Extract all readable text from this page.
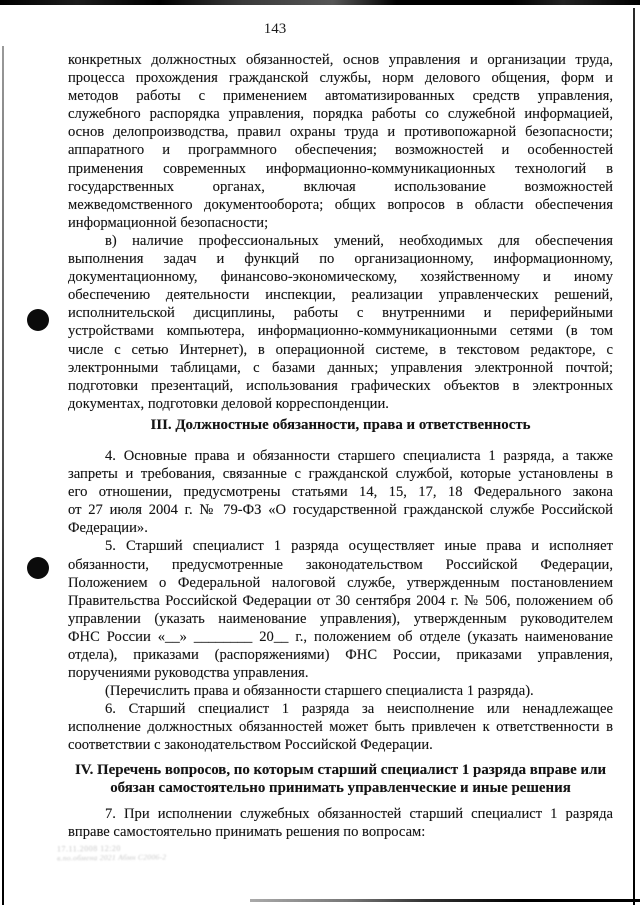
143
конкретных должностных обязанностей, основ управления и организации труда,
процесса прохождения гражданской службы, норм делового общения, форм и
методов работы с применением автоматизированных средств управления,
служебного распорядка управления, порядка работы со служебной информацией,
основ делопроизводства, правил охраны труда и противопожарной безопасности;
аппаратного и программного обеспечения; возможностей и особенностей
применения современных информационно-коммуникационных технологий в
государственных органах, включая использование возможностей
межведомственного документооборота; общих вопросов в области обеспечения
информационной безопасности;
в) наличие профессиональных умений, необходимых для обеспечения
выполнения задач и функций по организационному, информационному,
документационному, финансово-экономическому, хозяйственному и иному
обеспечению деятельности инспекции, реализации управленческих решений,
исполнительской дисциплины, работы с внутренними и периферийными
устройствами компьютера, информационно-коммуникационными сетями (в том
числе с сетью Интернет), в операционной системе, в текстовом редакторе, с
электронными таблицами, с базами данных; управления электронной почтой;
подготовки презентаций, использования графических объектов в электронных
документах, подготовки деловой корреспонденции.
III. Должностные обязанности, права и ответственность
4. Основные права и обязанности старшего специалиста 1 разряда, а также
запреты и требования, связанные с гражданской службой, которые установлены в
его отношении, предусмотрены статьями 14, 15, 17, 18 Федерального закона
от 27 июля 2004 г. № 79-ФЗ «О государственной гражданской службе Российской
Федерации».
5. Старший специалист 1 разряда осуществляет иные права и исполняет
обязанности, предусмотренные законодательством Российской Федерации,
Положением о Федеральной налоговой службе, утвержденным постановлением
Правительства Российской Федерации от 30 сентября 2004 г. № 506, положением об
управлении (указать наименование управления), утвержденным руководителем
ФНС России «__» ________ 20__ г., положением об отделе (указать наименование
отдела), приказами (распоряжениями) ФНС России, приказами управления,
поручениями руководства управления.
(Перечислить права и обязанности старшего специалиста 1 разряда).
6. Старший специалист 1 разряда за неисполнение или ненадлежащее
исполнение должностных обязанностей может быть привлечен к ответственности в
соответствии с законодательством Российской Федерации.
IV. Перечень вопросов, по которым старший специалист 1 разряда вправе или
обязан самостоятельно принимать управленческие и иные решения
7. При исполнении служебных обязанностей старший специалист 1 разряда
вправе самостоятельно принимать решения по вопросам:
17.11.2008 12:20
в.по.обмена 2021 Абмн С2006-2
